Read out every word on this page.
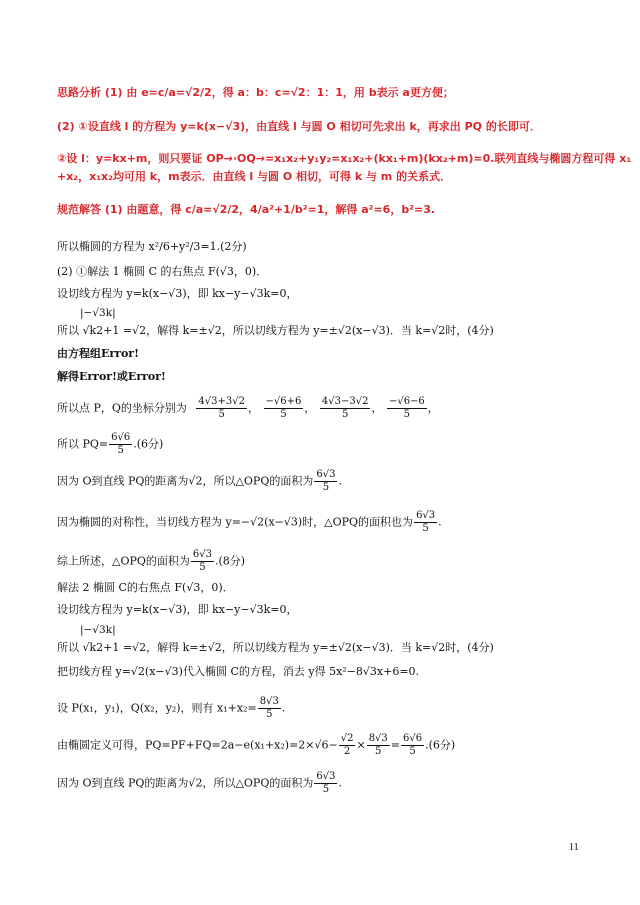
思路分析 (1) 由 e=c/a=√2/2，得 a：b：c=√2：1：1，用 b表示 a更方便；
(2) ①设直线 l 的方程为 y=k(x−√3)，由直线 l 与圆 O 相切可先求出 k，再求出 PQ 的长即可．
②设 l：y=kx+m，则只要证 OP→·OQ→=x₁x₂+y₁y₂=x₁x₂+(kx₁+m)(kx₂+m)=0.联列直线与椭圆方程可得 x₁
+x₂，x₁x₂均可用 k，m表示．由直线 l 与圆 O 相切，可得 k 与 m 的关系式．
规范解答 (1) 由题意，得 c/a=√2/2，4/a²+1/b²=1，解得 a²=6，b²=3.
所以椭圆的方程为 x²/6+y²/3=1.(2分)
(2) ①解法 1 椭圆 C 的右焦点 F(√3，0)．
设切线方程为 y=k(x−√3)，即 kx−y−√3k=0，
|−√3k|
所以 √k2+1 =√2，解得 k=±√2，所以切线方程为 y=±√2(x−√3)．当 k=√2时，(4分)
由方程组Error!
解得Error!或Error!
所以点 P，Q的坐标分别为 $\frac{4√3+3√2}{5}$ ， $\frac{-√6+6}{5}$ ， $\frac{4√3-3√2}{5}$ ， $\frac{-√6-6}{5}$ ，
所以 $PQ= \frac{6√6}{5} .(6$分)
因为 O到直线 PQ的距离为√2，所以△OPQ的面积为 $\frac{6√3}{5}$ .
因为椭圆的对称性，当切线方程为 y=−√2(x−√3)时，△OPQ的面积也为 $\frac{6√3}{5}$ .
综上所述，△OPQ的面积为 $\frac{6√3}{5} .(8$分)
解法 2 椭圆 C的右焦点 F(√3，0)．
设切线方程为 y=k(x−√3)，即 kx−y−√3k=0，
|−√3k|
所以 √k2+1 =√2，解得 k=±√2，所以切线方程为 y=±√2(x−√3)．当 k=√2时，(4分)
把切线方程 y=√2(x−√3)代入椭圆 C的方程，消去 y得 5x²−8√3x+6=0.
设 P(x₁，y₁)，Q(x₂，y₂)，则有 $x_1+x_2= \frac{8√3}{5}$ .
由椭圆定义可得，$PQ=PF+FQ=2a-e(x_1+x_2)=2\times√6- \frac{√2}{2} \times \frac{8√3}{5} = \frac{6√6}{5} .(6$分)
因为 O到直线 PQ的距离为√2，所以△OPQ的面积为 $\frac{6√3}{5}$ .
11
